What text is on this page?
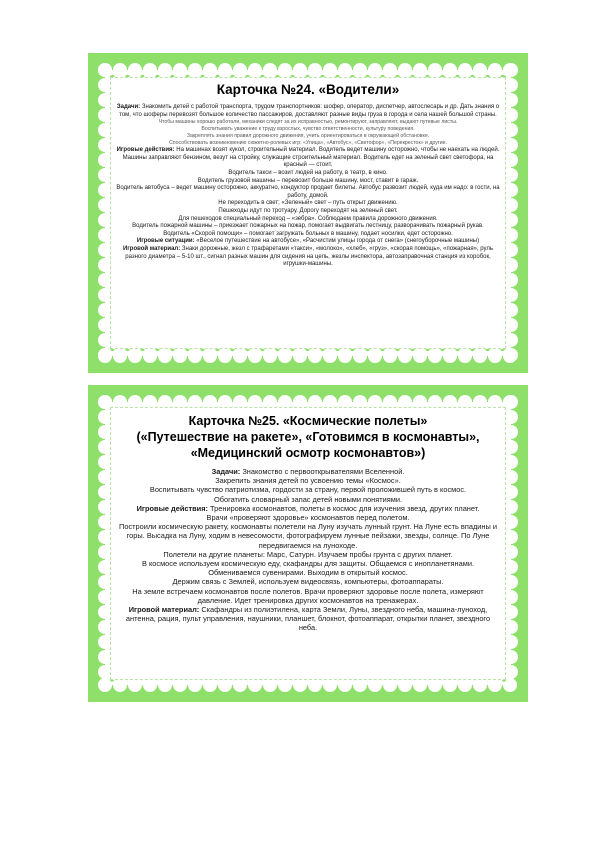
Карточка №24. «Водители»

Задачи: Знакомить детей с работой транспорта, трудом транспортников: шофер, оператор, диспетчер, автослесарь и др. Дать знания о том, что шоферы перевозят большое количество пассажиров, доставляют разные виды груза в города и села нашей большой страны.

Чтобы машины хорошо работали, механики следят за их исправностью, ремонтируют, заправляют, выдают путевые листы.

Воспитывать уважение к труду взрослых, чувство ответственности, культуру поведения.

Закреплять знания правил дорожного движения, учить ориентироваться в окружающей обстановке.

Способствовать возникновению сюжетно-ролевых игр: «Улица», «Автобус», «Светофор», «Перекресток» и другие.

Игровые действия: На машинах возят кукол, строительный материал. Водитель ведет машину осторожно, чтобы не наехать на людей. Машины заправляют бензином, везут на стройку, служащие строительный материал. Водитель едет на зеленый свет светофора, на красный — стоит.

Водитель такси – возит людей на работу, в театр, в кино.

Водитель грузовой машины – перевозит больше машину, мост, ставит в гараж.

Водитель автобуса – ведет машину осторожно, аккуратно, кондуктор продает билеты. Автобус развозит людей, куда им надо: в гости, на работу, домой.

Не переходить в свет; «Зеленый» свет – путь открыт движению.

Пешеходы идут по тротуару. Дорогу переходят на зеленый свет.

Для пешеходов специальный переход – «зебра». Соблюдаем правила дорожного движения.

Водитель пожарной машины – приезжает пожарных на пожар, помогает выдвигать лестницу, разворачивать пожарный рукав.

Водитель «Скорой помощи» – помогает загружать больных в машину, подает носилки, едет осторожно.

Игровые ситуации: «Веселое путешествие на автобусе», «Расчистим улицы города от снега» (снегоуборочные машины)

Игровой материал: Знаки дорожные, жезл с трафаретами «такси», «молоко», «хлеб», «груз», «скорая помощь», «пожарная», руль разного диаметра – 5-10 шт., сигнал разных машин для сидения на цепь, жезлы инспектора, автозаправочная станция из коробок, игрушки-машины.

Карточка №25. «Космические полеты»
(«Путешествие на ракете», «Готовимся в космонавты»,
«Медицинский осмотр космонавтов»)

Задачи: Знакомство с первооткрывателями Вселенной.

Закрепить знания детей по усвоению темы «Космос».

Воспитывать чувство патриотизма, гордости за страну, первой проложившей путь в космос.

Обогатить словарный запас детей новыми понятиями.

Игровые действия: Тренировка космонавтов, полеты в космос для изучения звезд, других планет.

Врачи «проверяют здоровье» космонавтов перед полетом.

Построили космическую ракету, космонавты полетели на Луну изучать лунный грунт. На Луне есть впадины и горы. Высадка на Луну, ходим в невесомости, фотографируем лунные пейзажи, звезды, солнце. По Луне передвигаемся на луноходе.

Полетели на другие планеты: Марс, Сатурн. Изучаем пробы грунта с других планет.

В космосе используем космическую еду, скафандры для защиты. Общаемся с инопланетянами. Обмениваемся сувенирами. Выходим в открытый космос.

Держим связь с Землей, используем видеосвязь, компьютеры, фотоаппараты.

На земле встречаем космонавтов после полетов. Врачи проверяют здоровье после полета, измеряют давление. Идет тренировка других космонавтов на тренажерах.

Игровой материал: Скафандры из полиэтилена, карта Земли, Луны, звездного неба, машина-луноход, антенна, рация, пульт управления, наушники, планшет, блокнот, фотоаппарат, открытки планет, звездного неба.
